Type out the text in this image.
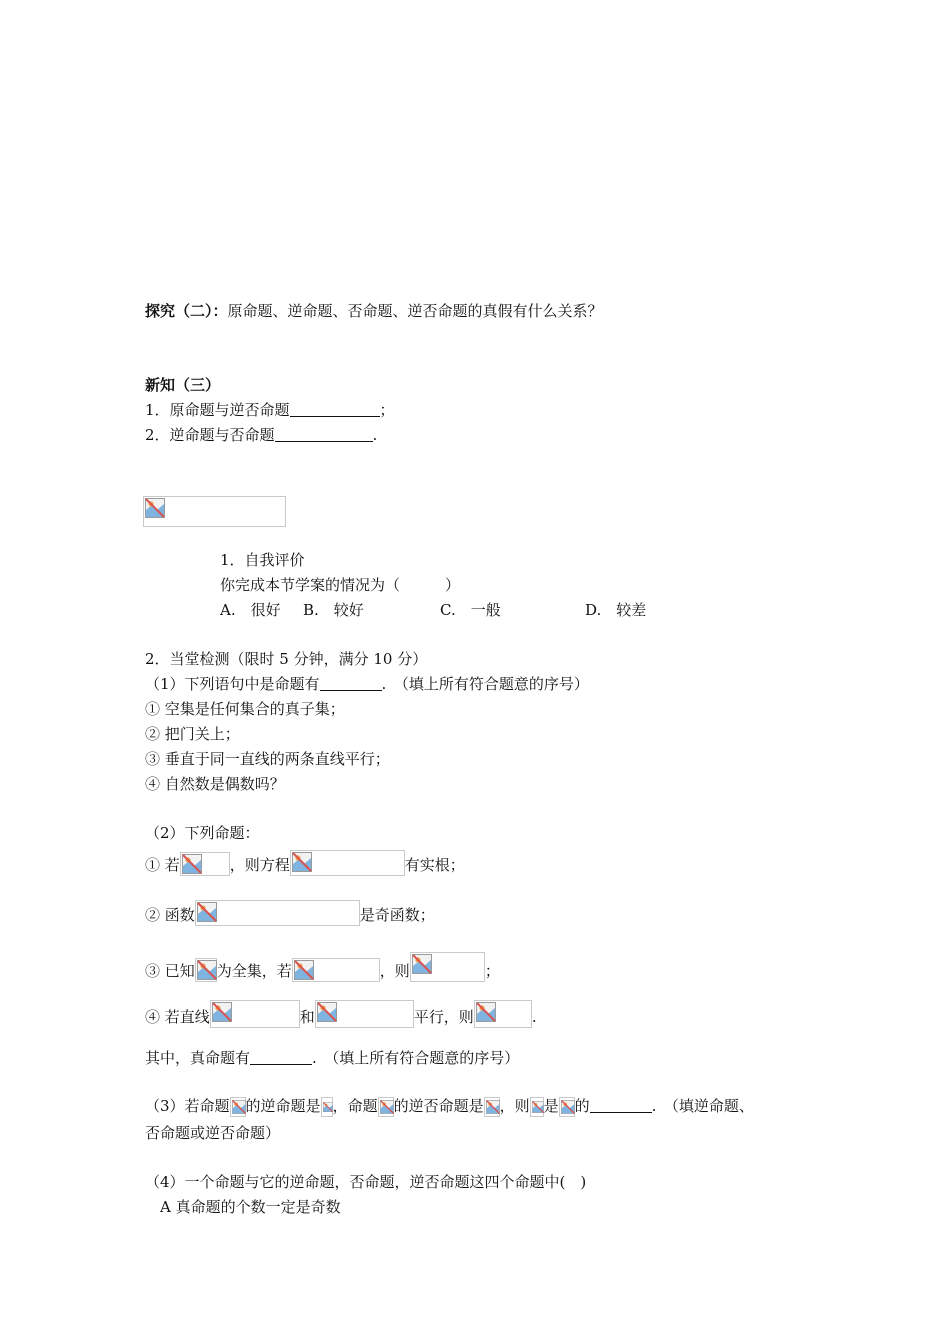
探究（二）：原命题、逆命题、否命题、逆否命题的真假有什么关系？
新知（三）
1．原命题与逆否命题	；
2．逆命题与否命题	.
1．自我评价
你完成本节学案的情况为（　　　）
A.　很好 B.　较好	C.　一般	D.　较差
2．当堂检测（限时 5 分钟，满分 10 分）
（1）下列语句中是命题有	.　（填上所有符合题意的序号）
① 空集是任何集合的真子集；
② 把门关上；
③ 垂直于同一直线的两条直线平行；
④ 自然数是偶数吗？
（2）下列命题：
① 若	，则方程	有实根；
② 函数	是奇函数；
③ 已知 为全集，若	，则	；
④ 若直线	和	平行，则	.
其中，真命题有	.　（填上所有符合题意的序号）
（3）若命题 的逆命题是 ，命题 的逆否命题是 ，则 是 的	.　（填逆命题、
否命题或逆否命题）
（4）一个命题与它的逆命题，否命题，逆否命题这四个命题中(　)
A 真命题的个数一定是奇数
